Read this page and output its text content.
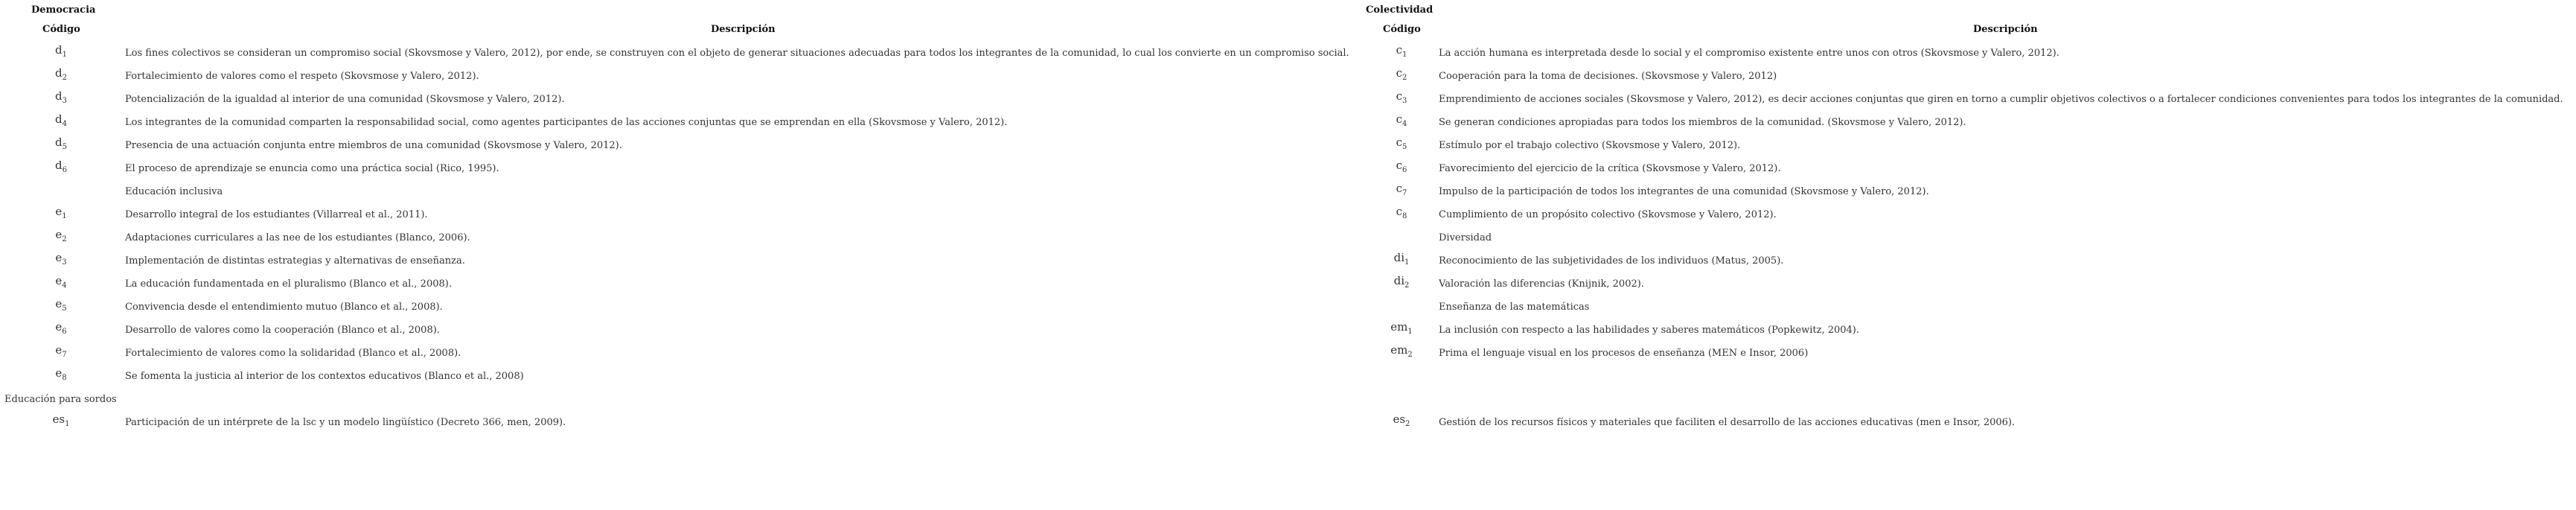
Democracia
Código	Descripción
$d_1$	Los fines colectivos se consideran un compromiso social (Skovsmose y Valero, 2012), por ende, se construyen con el objeto de generar situaciones adecuadas para todos los integrantes de la comunidad, lo cual los convierte en un compromiso social.
$d_2$	Fortalecimiento de valores como el respeto (Skovsmose y Valero, 2012).
$d_3$	Potencialización de la igualdad al interior de una comunidad (Skovsmose y Valero, 2012).
$d_4$	Los integrantes de la comunidad comparten la responsabilidad social, como agentes participantes de las acciones conjuntas que se emprendan en ella (Skovsmose y Valero, 2012).
$d_5$	Presencia de una actuación conjunta entre miembros de una comunidad (Skovsmose y Valero, 2012).
$d_6$	El proceso de aprendizaje se enuncia como una práctica social (Rico, 1995).
Educación inclusiva
$e_1$	Desarrollo integral de los estudiantes (Villarreal et al., 2011).
$e_2$	Adaptaciones curriculares a las nee de los estudiantes (Blanco, 2006).
$e_3$	Implementación de distintas estrategias y alternativas de enseñanza.
$e_4$	La educación fundamentada en el pluralismo (Blanco et al., 2008).
$e_5$	Convivencia desde el entendimiento mutuo (Blanco et al., 2008).
$e_6$	Desarrollo de valores como la cooperación (Blanco et al., 2008).
$e_7$	Fortalecimiento de valores como la solidaridad (Blanco et al., 2008).
$e_8$	Se fomenta la justicia al interior de los contextos educativos (Blanco et al., 2008)
Educación para sordos
$es_1$	Participación de un intérprete de la lsc y un modelo lingüístico (Decreto 366, men, 2009).
Colectividad
Código	Descripción
$c_1$	La acción humana es interpretada desde lo social y el compromiso existente entre unos con otros (Skovsmose y Valero, 2012).
$c_2$	Cooperación para la toma de decisiones. (Skovsmose y Valero, 2012)
$c_3$	Emprendimiento de acciones sociales (Skovsmose y Valero, 2012), es decir acciones conjuntas que giren en torno a cumplir objetivos colectivos o a fortalecer condiciones convenientes para todos los integrantes de la comunidad.
$c_4$	Se generan condiciones apropiadas para todos los miembros de la comunidad. (Skovsmose y Valero, 2012).
$c_5$	Estímulo por el trabajo colectivo (Skovsmose y Valero, 2012).
$c_6$	Favorecimiento del ejercicio de la crítica (Skovsmose y Valero, 2012).
$c_7$	Impulso de la participación de todos los integrantes de una comunidad (Skovsmose y Valero, 2012).
$c_8$	Cumplimiento de un propósito colectivo (Skovsmose y Valero, 2012).
Diversidad
$di_1$	Reconocimiento de las subjetividades de los individuos (Matus, 2005).
$di_2$	Valoración las diferencias (Knijnik, 2002).
Enseñanza de las matemáticas
$em_1$	La inclusión con respecto a las habilidades y saberes matemáticos (Popkewitz, 2004).
$em_2$	Prima el lenguaje visual en los procesos de enseñanza (MEN e Insor, 2006)
$es_2$	Gestión de los recursos físicos y materiales que faciliten el desarrollo de las acciones educativas (men e Insor, 2006).
